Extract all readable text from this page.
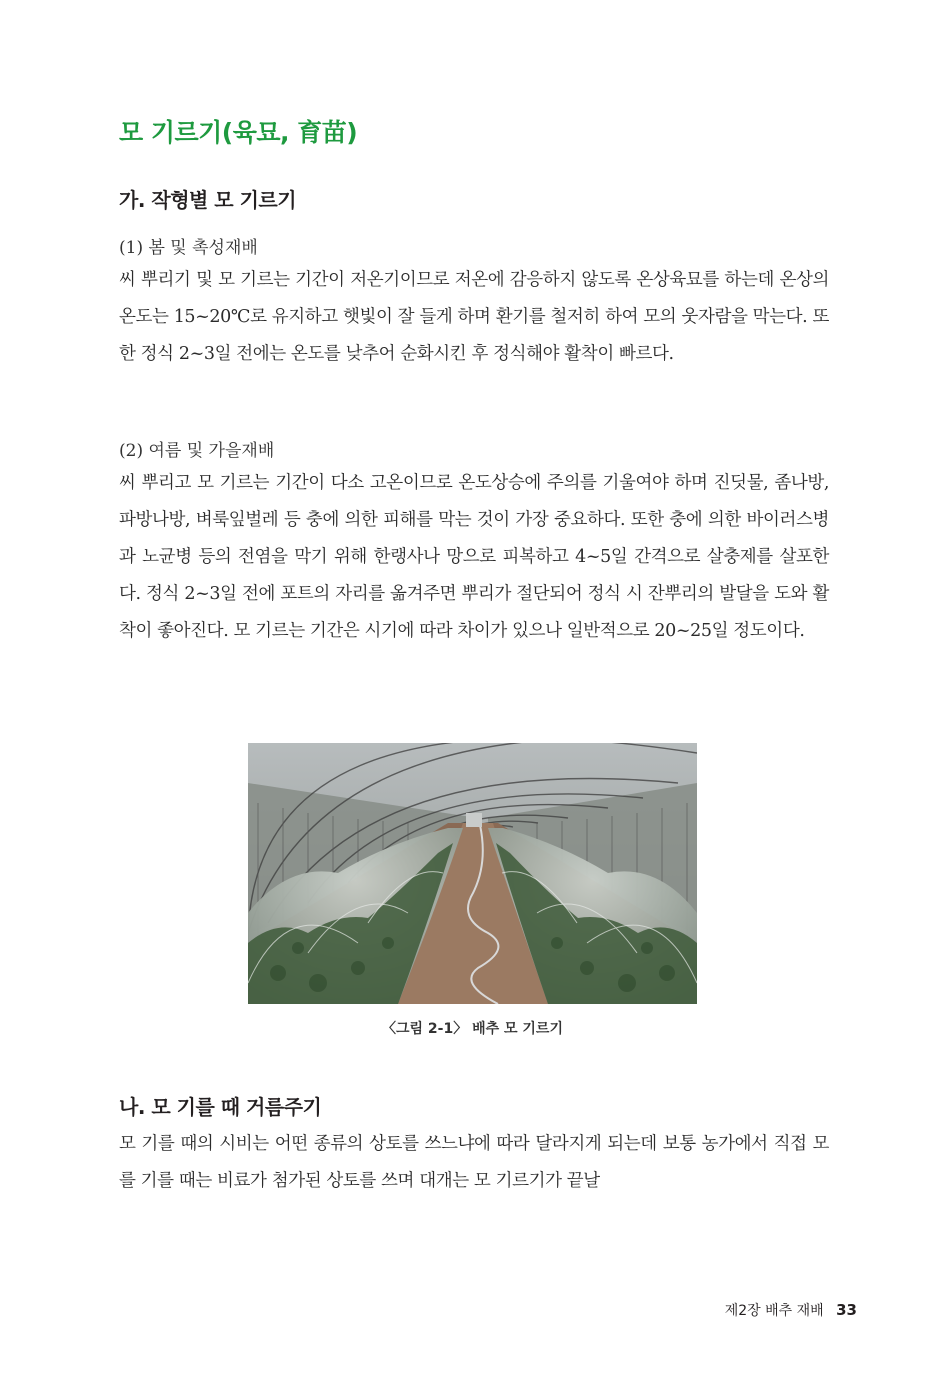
모 기르기(육묘, 育苗)
가. 작형별 모 기르기

(1) 봄 및 촉성재배

씨 뿌리기 및 모 기르는 기간이 저온기이므로 저온에 감응하지 않도록 온상육묘를 하는데 온상의 온도는 15~20℃로 유지하고 햇빛이 잘 들게 하며 환기를 철저히 하여 모의 웃자람을 막는다. 또한 정식 2~3일 전에는 온도를 낮추어 순화시킨 후 정식해야 활착이 빠르다.

(2) 여름 및 가을재배

씨 뿌리고 모 기르는 기간이 다소 고온이므로 온도상승에 주의를 기울여야 하며 진딧물, 좀나방, 파방나방, 벼룩잎벌레 등 충에 의한 피해를 막는 것이 가장 중요하다. 또한 충에 의한 바이러스병과 노균병 등의 전염을 막기 위해 한랭사나 망으로 피복하고 4~5일 간격으로 살충제를 살포한다. 정식 2~3일 전에 포트의 자리를 옮겨주면 뿌리가 절단되어 정식 시 잔뿌리의 발달을 도와 활착이 좋아진다. 모 기르는 기간은 시기에 따라 차이가 있으나 일반적으로 20~25일 정도이다.

〈그림 2-1〉 배추 모 기르기

나. 모 기를 때 거름주기

모 기를 때의 시비는 어떤 종류의 상토를 쓰느냐에 따라 달라지게 되는데 보통 농가에서 직접 모를 기를 때는 비료가 첨가된 상토를 쓰며 대개는 모 기르기가 끝날

제2장 배추 재배 33
